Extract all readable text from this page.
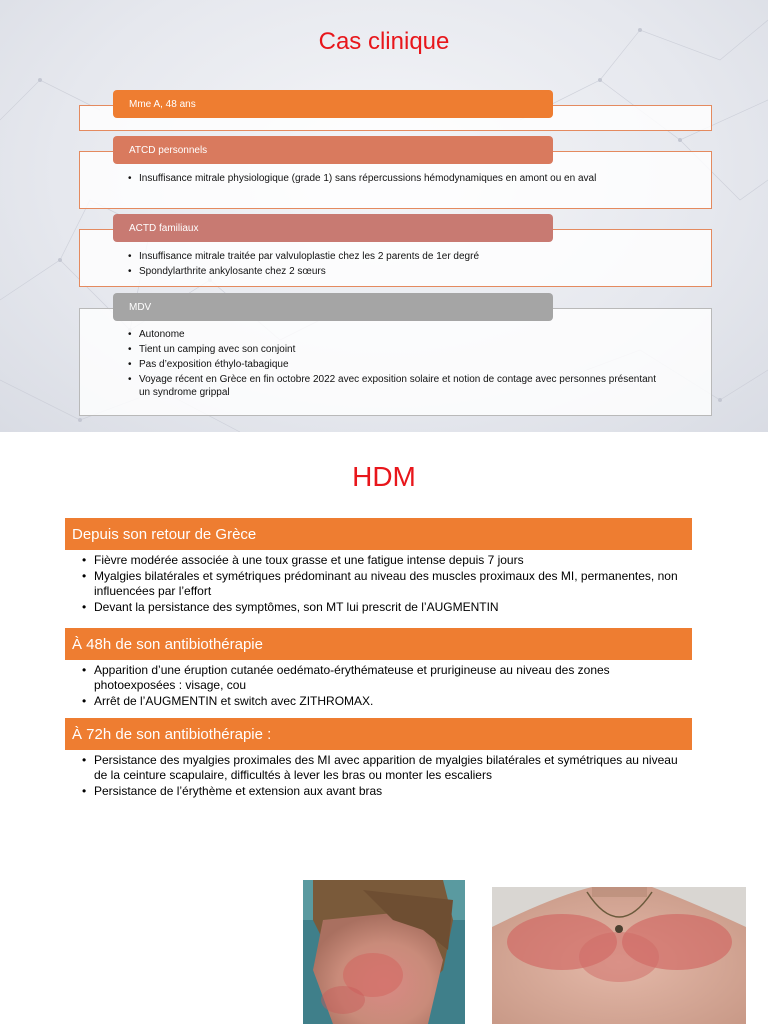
Cas clinique
Mme A, 48 ans
ATCD personnels
• Insuffisance mitrale physiologique (grade 1) sans répercussions hémodynamiques en amont ou en aval
ACTD familiaux
• Insuffisance mitrale traitée par valvuloplastie chez les 2 parents de 1er degré
• Spondylarthrite ankylosante chez 2 sœurs
MDV
• Autonome
• Tient un camping avec son conjoint
• Pas d’exposition éthylo-tabagique
• Voyage récent en Grèce en fin octobre 2022 avec exposition solaire et notion de contage avec personnes présentant un syndrome grippal
HDM
Depuis son retour de Grèce
• Fièvre modérée associée à une toux grasse et une fatigue intense depuis 7 jours
• Myalgies bilatérales et symétriques prédominant au niveau des muscles proximaux des MI, permanentes, non influencées par l’effort
• Devant la persistance des symptômes, son MT lui prescrit de l’AUGMENTIN
À 48h de son antibiothérapie
• Apparition d’une éruption cutanée oedémato-érythémateuse et prurigineuse au niveau des zones photoexposées : visage, cou
• Arrêt de l’AUGMENTIN et switch avec ZITHROMAX.
À 72h de son antibiothérapie :
• Persistance des myalgies proximales des MI avec apparition de myalgies bilatérales et symétriques au niveau de la ceinture scapulaire, difficultés à lever les bras ou monter les escaliers
• Persistance de l’érythème et extension aux avant bras
